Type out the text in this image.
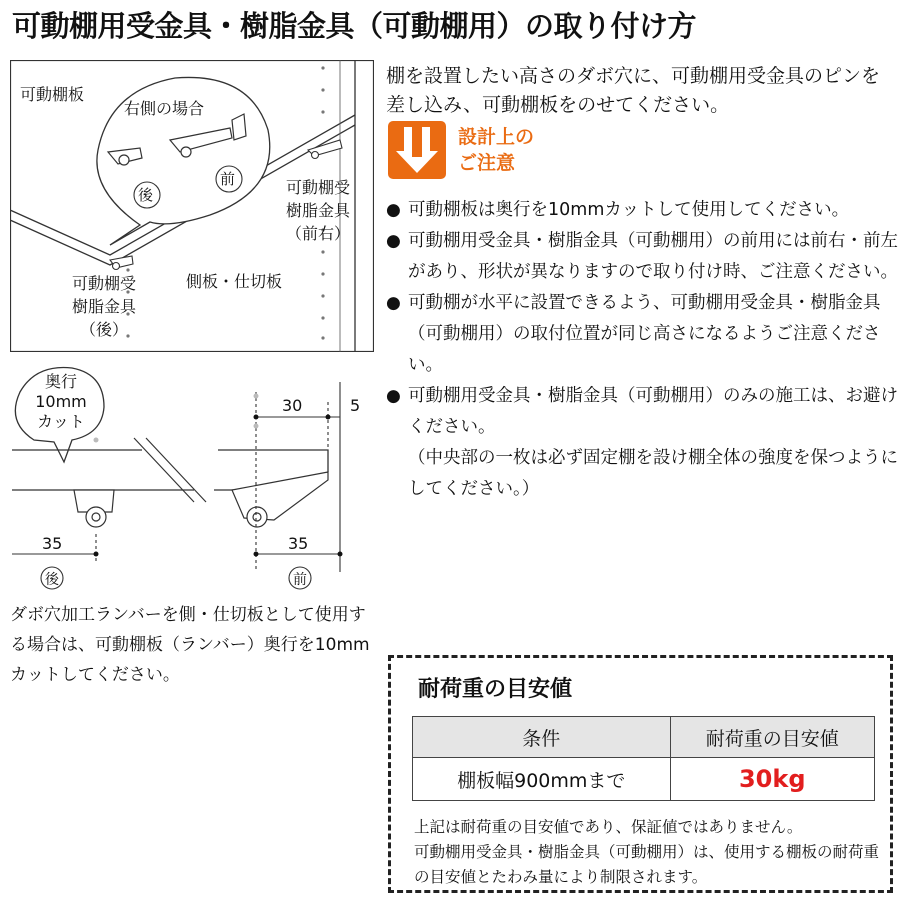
可動棚用受金具・樹脂金具（可動棚用）の取り付け方
可動棚板
右側の場合
後
前	可動棚受
樹脂金具
（前右）
可動棚受
樹脂金具
（後）
側板・仕切板
奥行
10mm
カット
30	5
35	35
後	前
ダボ穴加工ランバーを側・仕切板として使用する場合は、可動棚板（ランバー）奥行を10mmカットしてください。
棚を設置したい高さのダボ穴に、可動棚用受金具のピンを差し込み、可動棚板をのせてください。
設計上の
ご注意
● 可動棚板は奥行を10mmカットして使用してください。
● 可動棚用受金具・樹脂金具（可動棚用）の前用には前右・前左があり、形状が異なりますので取り付け時、ご注意ください。
● 可動棚が水平に設置できるよう、可動棚用受金具・樹脂金具（可動棚用）の取付位置が同じ高さになるようご注意ください。
● 可動棚用受金具・樹脂金具（可動棚用）のみの施工は、お避けください。
（中央部の一枚は必ず固定棚を設け棚全体の強度を保つようにしてください。）
耐荷重の目安値
条件	耐荷重の目安値
棚板幅900mmまで	30kg
上記は耐荷重の目安値であり、保証値ではありません。
可動棚用受金具・樹脂金具（可動棚用）は、使用する棚板の耐荷重の目安値とたわみ量により制限されます。
